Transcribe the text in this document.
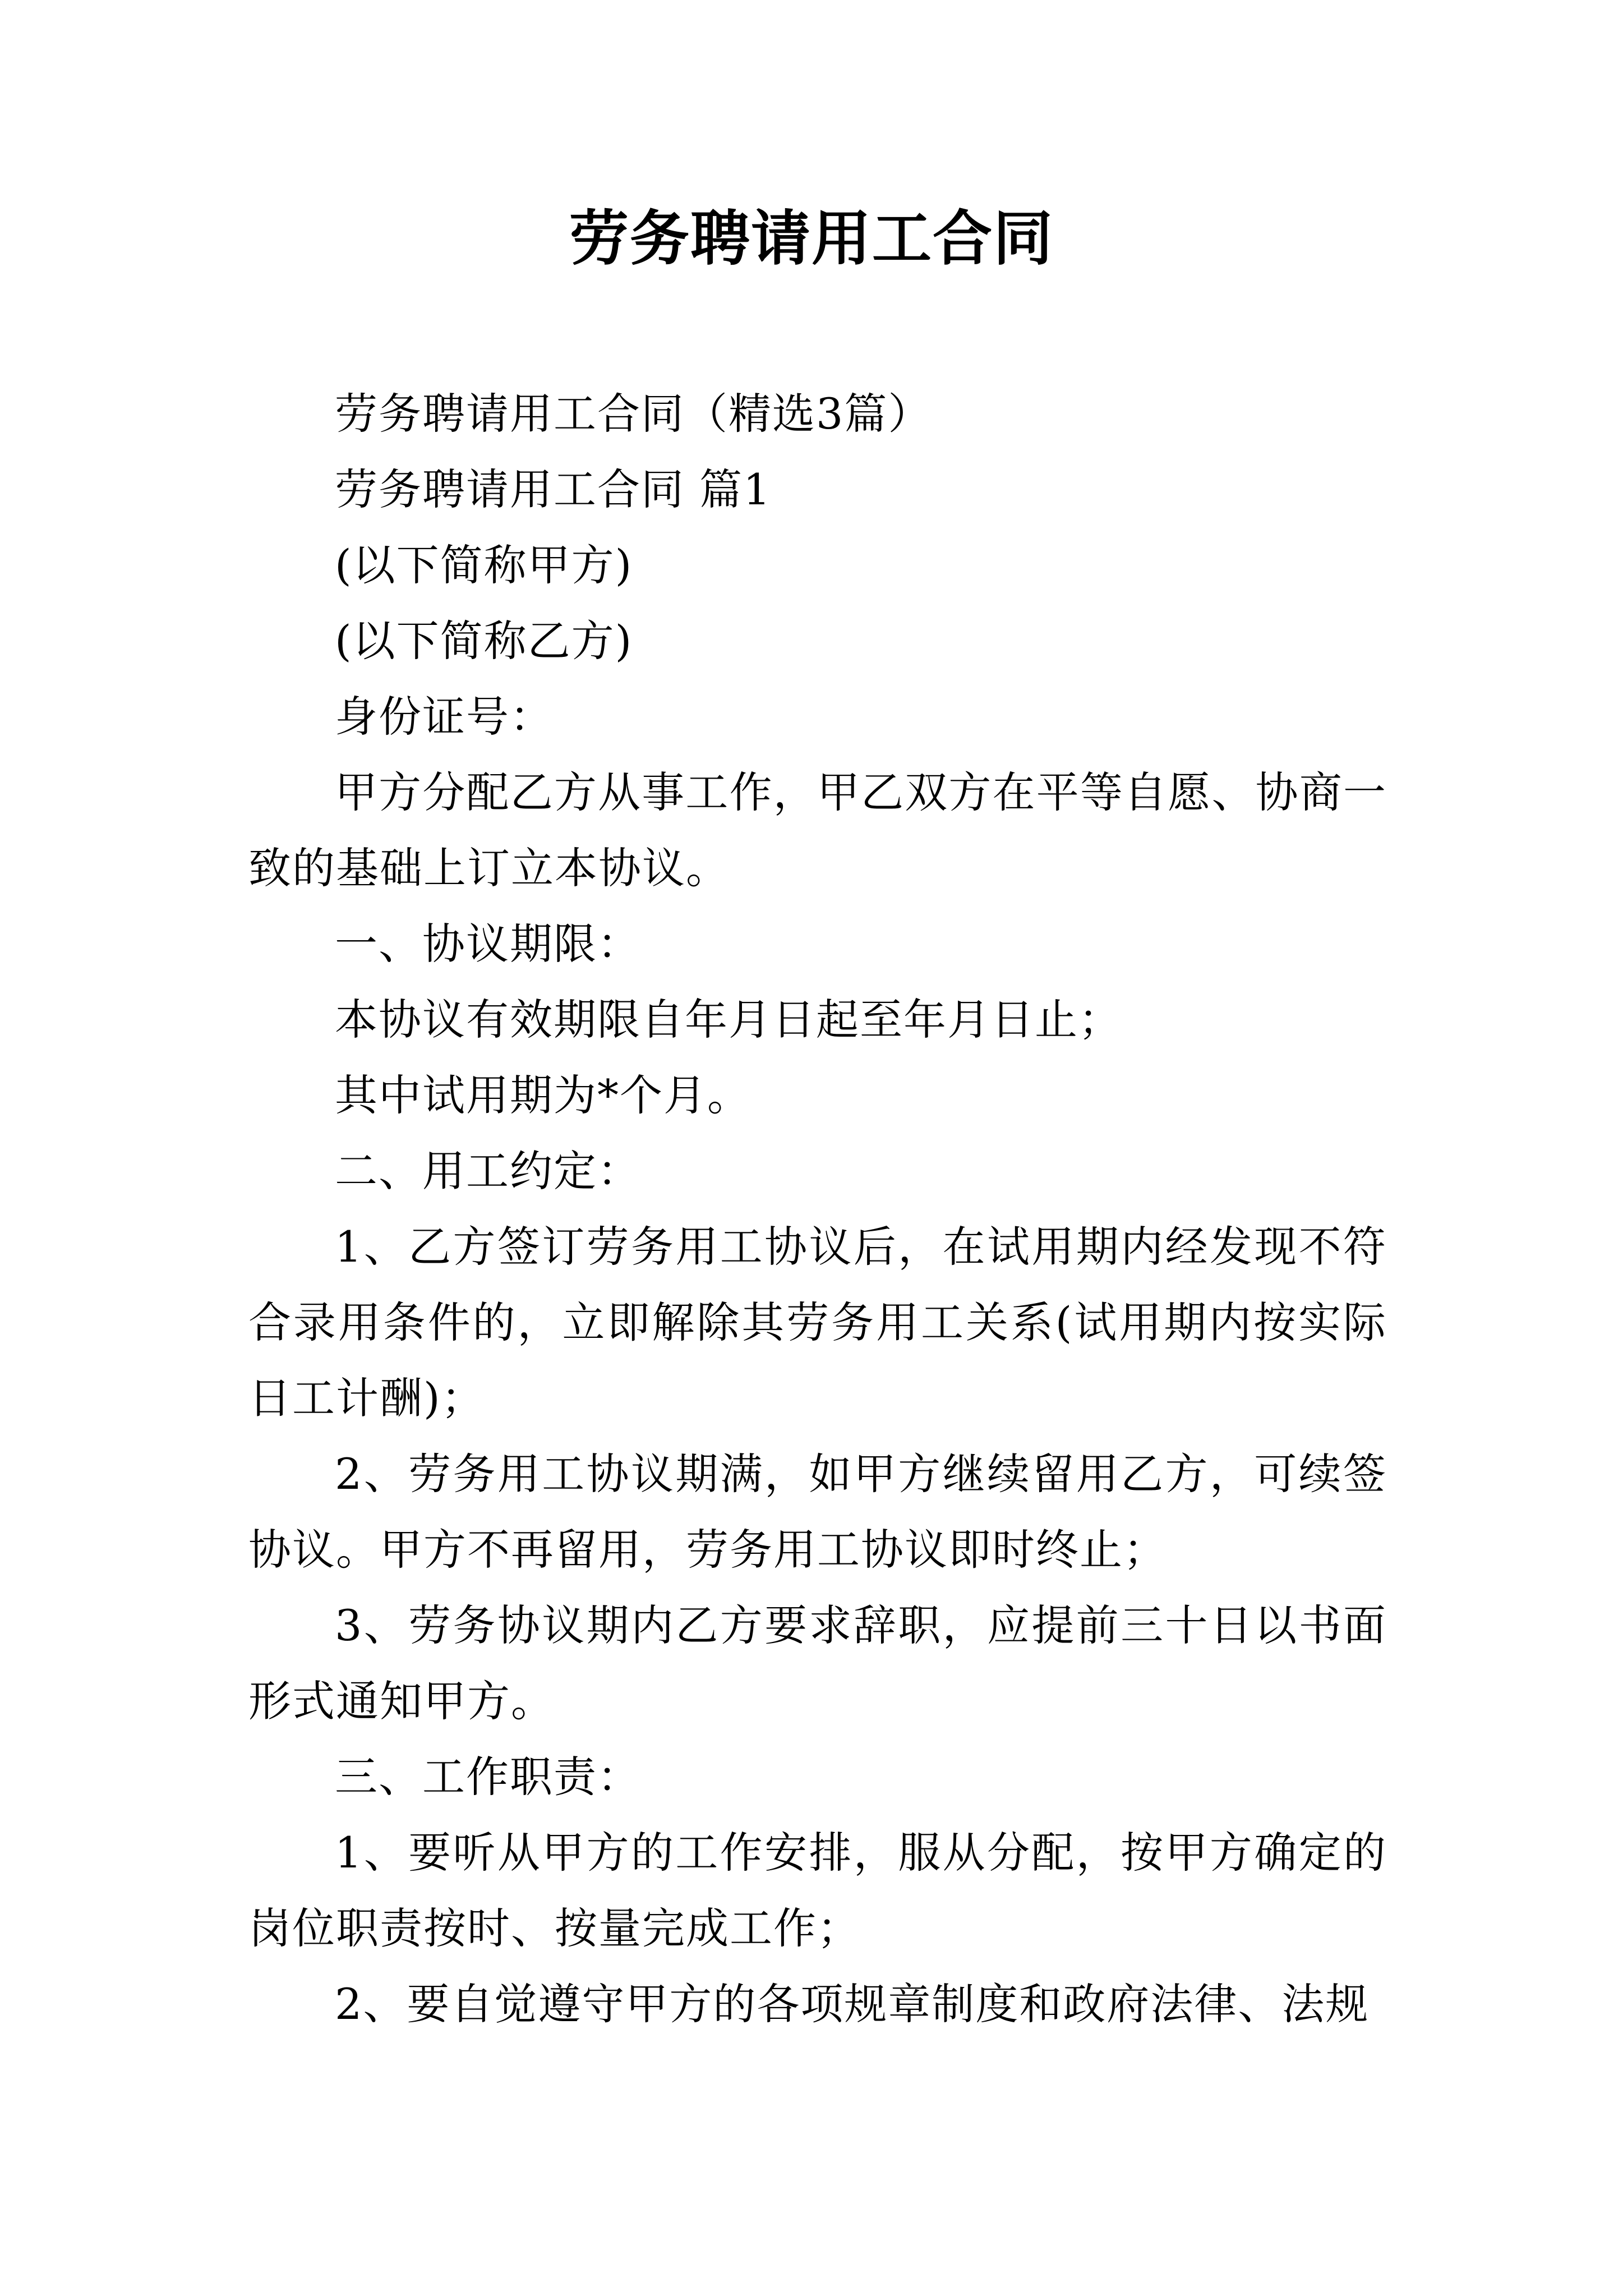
劳务聘请用工合同

劳务聘请用工合同（精选3篇）

劳务聘请用工合同 篇1

(以下简称甲方)

(以下简称乙方)

身份证号：

甲方分配乙方从事工作，甲乙双方在平等自愿、协商一致的基础上订立本协议。

一、协议期限：

本协议有效期限自年月日起至年月日止；

其中试用期为*个月。

二、用工约定：

1、乙方签订劳务用工协议后，在试用期内经发现不符合录用条件的，立即解除其劳务用工关系(试用期内按实际日工计酬)；

2、劳务用工协议期满，如甲方继续留用乙方，可续签协议。甲方不再留用，劳务用工协议即时终止；

3、劳务协议期内乙方要求辞职，应提前三十日以书面形式通知甲方。

三、工作职责：

1、要听从甲方的工作安排，服从分配，按甲方确定的岗位职责按时、按量完成工作；

2、要自觉遵守甲方的各项规章制度和政府法律、法规
